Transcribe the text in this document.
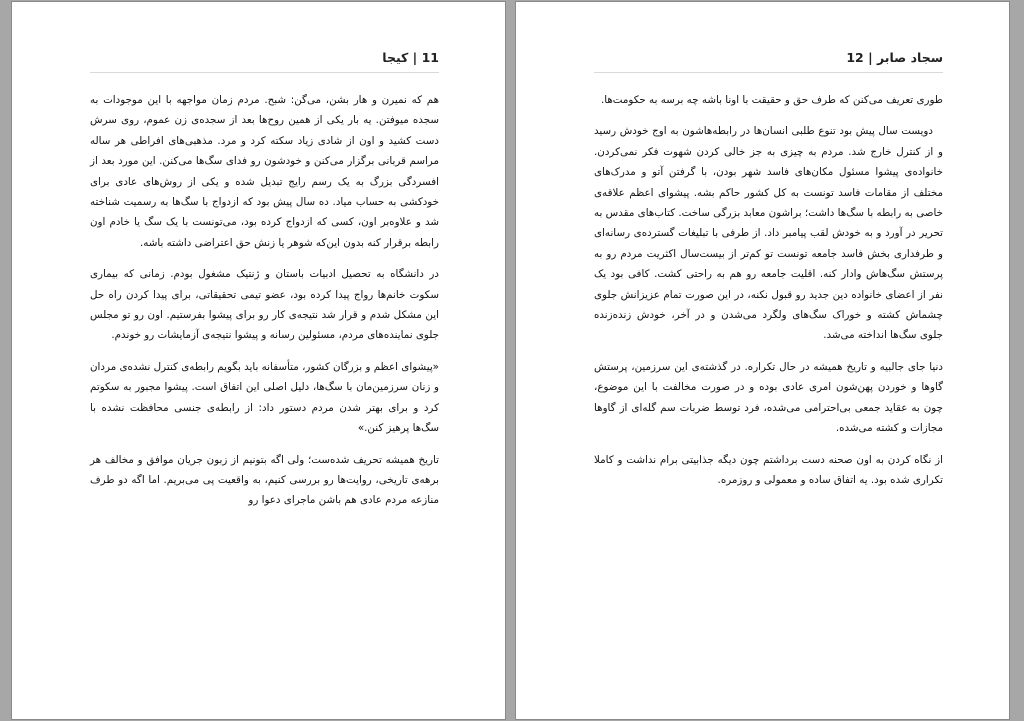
11 | کیجا

هم که نمیرن و هار بشن، می‌گن: شبح. مردم زمان مواجهه با این موجودات به سجده میوفتن. یه بار یکی از همین روح‌ها بعد از سجده‌ی زن عموم، روی سرش دست کشید و اون از شادی زیاد سکته کرد و مرد. مذهبی‌های افراطی هر ساله مراسم قربانی برگزار می‌کنن و خودشون رو فدای سگ‌ها می‌کنن. این مورد بعد از افسردگی بزرگ به یک رسم رایج تبدیل شده و یکی از روش‌های عادی برای خودکشی به حساب میاد. ده سال پیش بود که ازدواج با سگ‌ها به رسمیت شناخته شد و علاوه‌بر اون، کسی که ازدواج کرده بود، می‌تونست با یک سگ یا خادم اون رابطه برقرار کنه بدون این‌که شوهر یا زنش حق اعتراضی داشته باشه.

در دانشگاه به تحصیل ادبیات باستان و ژنتیک مشغول بودم. زمانی که بیماری سکوت خانم‌ها رواج پیدا کرده بود، عضو تیمی تحقیقاتی، برای پیدا کردن راه حل این مشکل شدم و قرار شد نتیجه‌ی کار رو برای پیشوا بفرستیم. اون رو تو مجلس جلوی نماینده‌های مردم، مسئولین رسانه و پیشوا نتیجه‌ی آزمایشات رو خوندم.

«پیشوای اعظم و بزرگان کشور، متأسفانه باید بگویم رابطه‌ی کنترل نشده‌ی مردان و زنان سرزمین‌مان با سگ‌ها، دلیل اصلی این اتفاق است. پیشوا مجبور به سکوتم کرد و برای بهتر شدن مردم دستور داد: از رابطه‌ی جنسی محافظت نشده با سگ‌ها پرهیز کنن.»

تاریخ همیشه تحریف شده‌ست؛ ولی اگه بتونیم از زبون جریان موافق و مخالف هر برهه‌ی تاریخی، روایت‌ها رو بررسی کنیم، به واقعیت پی می‌بریم. اما اگه دو طرف منازعه مردم عادی هم باشن ماجرای دعوا رو

سجاد صابر | 12

طوری تعریف می‌کنن که طرف حق و حقیقت با اونا باشه چه برسه به حکومت‌ها.

دویست سال پیش بود تنوع طلبی انسان‌ها در رابطه‌هاشون به اوج خودش رسید و از کنترل خارج شد. مردم به چیزی به جز خالی کردن شهوت فکر نمی‌کردن. خانواده‌ی پیشوا مسئول مکان‌های فاسد شهر بودن، با گرفتن آتو و مدرک‌های مختلف از مقامات فاسد تونست به کل کشور حاکم بشه. پیشوای اعظم علاقه‌ی خاصی به رابطه با سگ‌ها داشت؛ براشون معابد بزرگی ساخت. کتاب‌های مقدس به تحریر در آورد و به خودش لقب پیامبر داد. از طرفی با تبلیغات گسترده‌ی رسانه‌ای و طرفداری بخش فاسد جامعه تونست تو کم‌تر از بیست‌سال اکثریت مردم رو به پرستش سگ‌هاش وادار کنه. اقلیت جامعه رو هم به راحتی کشت. کافی بود یک نفر از اعضای خانواده دین جدید رو قبول نکنه، در این صورت تمام عزیزانش جلوی چشماش کشته و خوراک سگ‌های ولگرد می‌شدن و در آخر، خودش زنده‌زنده جلوی سگ‌ها انداخته می‌شد.

دنیا جای جالبیه و تاریخ همیشه در حال تکراره. در گذشته‌ی این سرزمین، پرستش گاوها و خوردن پهن‌شون امری عادی بوده و در صورت مخالفت با این موضوع، چون به عقاید جمعی بی‌احترامی می‌شده، فرد توسط ضربات سم گله‌ای از گاوها مجازات و کشته می‌شده.

از نگاه کردن به اون صحنه دست برداشتم چون دیگه جذابیتی برام نداشت و کاملا تکراری شده بود. یه اتفاق ساده و معمولی و روزمره.
